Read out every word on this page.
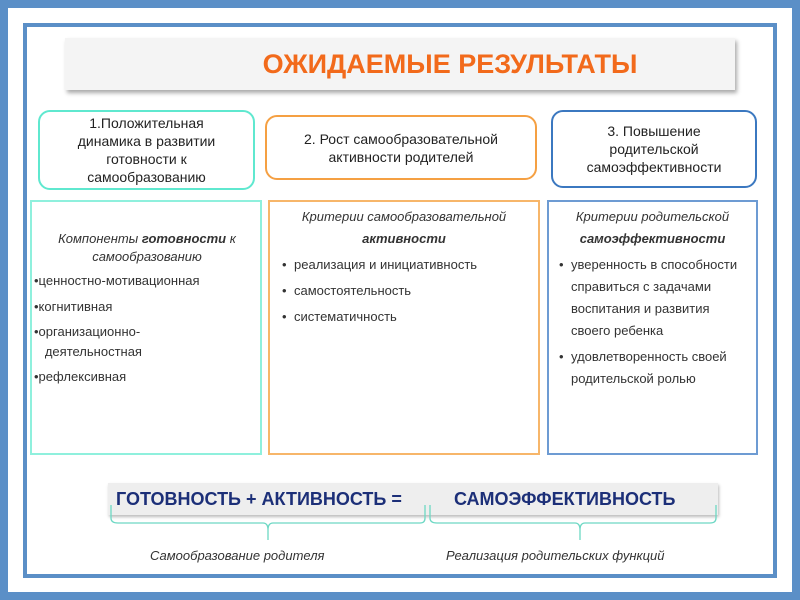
ОЖИДАЕМЫЕ РЕЗУЛЬТАТЫ
1.Положительная динамика в развитии готовности к самообразованию
2. Рост самообразовательной активности родителей
3. Повышение родительской самоэффективности
Компоненты готовности к самообразованию
•ценностно-мотивационная
•когнитивная
•организационно-   деятельностная
•рефлексивная
Критерии самообразовательной
активности
• реализация и инициативность
• самостоятельность
• систематичность
Критерии родительской
самоэффективности
• уверенность в способности справиться с задачами воспитания и развития своего ребенка
• удовлетворенность своей родительской ролью
ГОТОВНОСТЬ + АКТИВНОСТЬ =	САМОЭФФЕКТИВНОСТЬ
Самообразование родителя	Реализация родительских функций
